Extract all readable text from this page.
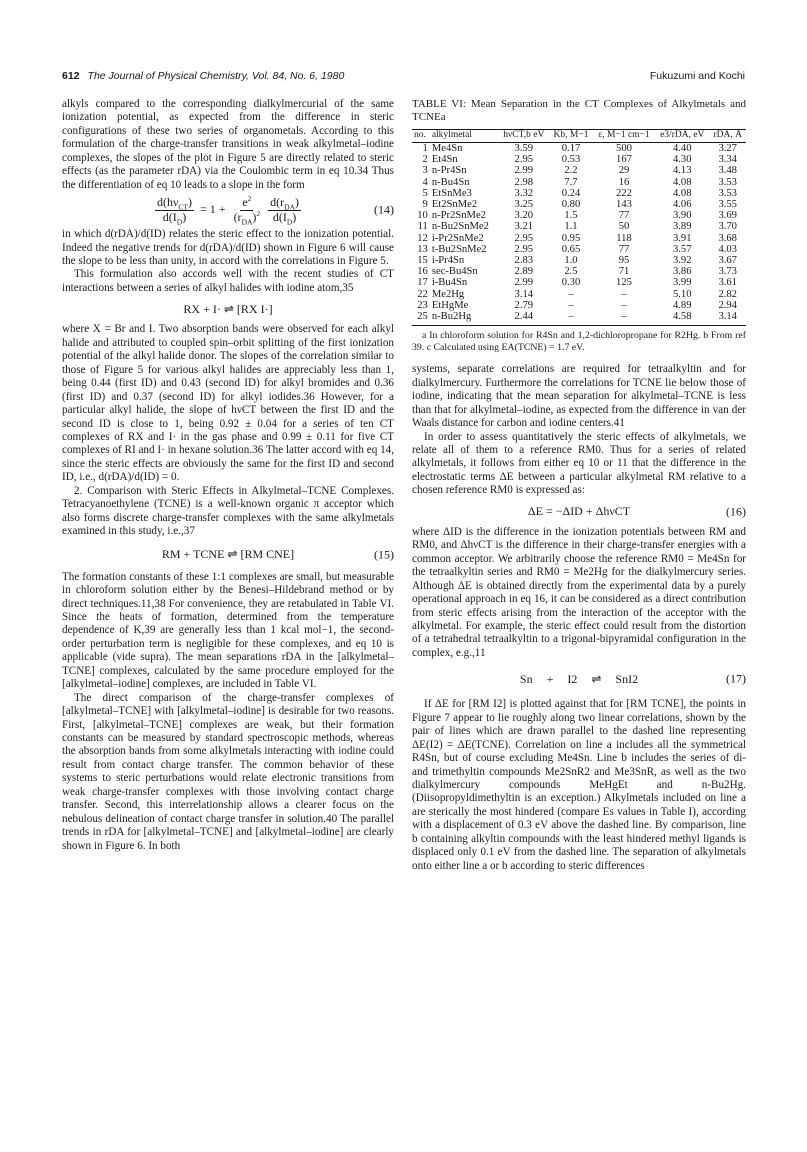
612 The Journal of Physical Chemistry, Vol. 84, No. 6, 1980	Fukuzumi and Kochi

alkyls compared to the corresponding dialkylmercurial of the same ionization potential, as expected from the difference in steric configurations of these two series of organometals. According to this formulation of the charge-transfer transitions in weak alkylmetal–iodine complexes, the slopes of the plot in Figure 5 are directly related to steric effects (as the parameter rDA) via the Coulombic term in eq 10.34 Thus the differentiation of eq 10 leads to a slope in the form

$\frac{d(h\nu_{CT})}{d(I_D)} = 1 + \frac{e^2}{(r_{DA})^2} \frac{d(r_{DA})}{d(I_D)}$	(14)

in which d(rDA)/d(ID) relates the steric effect to the ionization potential. Indeed the negative trends for d(rDA)/d(ID) shown in Figure 6 will cause the slope to be less than unity, in accord with the correlations in Figure 5.

This formulation also accords well with the recent studies of CT interactions between a series of alkyl halides with iodine atom,35

RX + I· ⇌ [RX I·]

where X = Br and I. Two absorption bands were observed for each alkyl halide and attributed to coupled spin–orbit splitting of the first ionization potential of the alkyl halide donor. The slopes of the correlation similar to those of Figure 5 for various alkyl halides are appreciably less than 1, being 0.44 (first ID) and 0.43 (second ID) for alkyl bromides and 0.36 (first ID) and 0.37 (second ID) for alkyl iodides.36 However, for a particular alkyl halide, the slope of hνCT between the first ID and the second ID is close to 1, being 0.92 ± 0.04 for a series of ten CT complexes of RX and I· in the gas phase and 0.99 ± 0.11 for five CT complexes of RI and I· in hexane solution.36 The latter accord with eq 14, since the steric effects are obviously the same for the first ID and second ID, i.e., d(rDA)/d(ID) = 0.

2. Comparison with Steric Effects in Alkylmetal–TCNE Complexes. Tetracyanoethylene (TCNE) is a well-known organic π acceptor which also forms discrete charge-transfer complexes with the same alkylmetals examined in this study, i.e.,37

RM + TCNE ⇌ [RM CNE]	(15)

The formation constants of these 1:1 complexes are small, but measurable in chloroform solution either by the Benesi–Hildebrand method or by direct techniques.11,38 For convenience, they are retabulated in Table VI. Since the heats of formation, determined from the temperature dependence of K,39 are generally less than 1 kcal mol−1, the second-order perturbation term is negligible for these complexes, and eq 10 is applicable (vide supra). The mean separations rDA in the [alkylmetal–TCNE] complexes, calculated by the same procedure employed for the [alkylmetal–iodine] complexes, are included in Table VI.

The direct comparison of the charge-transfer complexes of [alkylmetal–TCNE] with [alkylmetal–iodine] is desirable for two reasons. First, [alkylmetal–TCNE] complexes are weak, but their formation constants can be measured by standard spectroscopic methods, whereas the absorption bands from some alkylmetals interacting with iodine could result from contact charge transfer. The common behavior of these systems to steric perturbations would relate electronic transitions from weak charge-transfer complexes with those involving contact charge transfer. Second, this interrelationship allows a clearer focus on the nebulous delineation of contact charge transfer in solution.40 The parallel trends in rDA for [alkylmetal–TCNE] and [alkylmetal–iodine] are clearly shown in Figure 6. In both

TABLE VI: Mean Separation in the CT Complexes of Alkylmetals and TCNEa
no.	alkylmetal	hνCT,b eV	Kb, M−1	ε, M−1 cm−1	e3/rDA, eV	rDA, Å
1	Me4Sn	3.59	0.17	500	4.40	3.27
2	Et4Sn	2.95	0.53	167	4.30	3.34
3	n-Pr4Sn	2.99	2.2	29	4.13	3.48
4	n-Bu4Sn	2.98	7.7	16	4.08	3.53
5	EtSnMe3	3.32	0.24	222	4.08	3.53
9	Et2SnMe2	3.25	0.80	143	4.06	3.55
10	n-Pr2SnMe2	3.20	1.5	77	3.90	3.69
11	n-Bu2SnMe2	3.21	1.1	50	3.89	3.70
12	i-Pr2SnMe2	2.95	0.95	118	3.91	3.68
13	t-Bu2SnMe2	2.95	0.65	77	3.57	4.03
15	i-Pr4Sn	2.83	1.0	95	3.92	3.67
16	sec-Bu4Sn	2.89	2.5	71	3.86	3.73
17	i-Bu4Sn	2.99	0.30	125	3.99	3.61
22	Me2Hg	3.14	–	–	5.10	2.82
23	EtHgMe	2.79	–	–	4.89	2.94
25	n-Bu2Hg	2.44	–	–	4.58	3.14
a In chloroform solution for R4Sn and 1,2-dichloropropane for R2Hg. b From ref 39. c Calculated using EA(TCNE) = 1.7 eV.

systems, separate correlations are required for tetraalkyltin and for dialkylmercury. Furthermore the correlations for TCNE lie below those of iodine, indicating that the mean separation for alkylmetal–TCNE is less than that for alkylmetal–iodine, as expected from the difference in van der Waals distance for carbon and iodine centers.41

In order to assess quantitatively the steric effects of alkylmetals, we relate all of them to a reference RM0. Thus for a series of related alkylmetals, it follows from either eq 10 or 11 that the difference in the electrostatic terms ΔE between a particular alkylmetal RM relative to a chosen reference RM0 is expressed as:

ΔE = −ΔID + ΔhνCT	(16)

where ΔID is the difference in the ionization potentials between RM and RM0, and ΔhνCT is the difference in their charge-transfer energies with a common acceptor. We arbitrarily choose the reference RM0 = Me4Sn for the tetraalkyltin series and RM0 = Me2Hg for the dialkylmercury series. Although ΔE is obtained directly from the experimental data by a purely operational approach in eq 16, it can be considered as a direct contribution from steric effects arising from the interaction of the acceptor with the alkylmetal. For example, the steric effect could result from the distortion of a tetrahedral tetraalkyltin to a trigonal-bipyramidal configuration in the complex, e.g.,11

Sn + I2 ⇌ SnI2	(17)

If ΔE for [RM I2] is plotted against that for [RM TCNE], the points in Figure 7 appear to lie roughly along two linear correlations, shown by the pair of lines which are drawn parallel to the dashed line representing ΔE(I2) = ΔE(TCNE). Correlation on line a includes all the symmetrical R4Sn, but of course excluding Me4Sn. Line b includes the series of di- and trimethyltin compounds Me2SnR2 and Me3SnR, as well as the two dialkylmercury compounds MeHgEt and n-Bu2Hg. (Diisopropyldimethyltin is an exception.) Alkylmetals included on line a are sterically the most hindered (compare Es values in Table I), according with a displacement of 0.3 eV above the dashed line. By comparison, line b containing alkyltin compounds with the least hindered methyl ligands is displaced only 0.1 eV from the dashed line. The separation of alkylmetals onto either line a or b according to steric differences
